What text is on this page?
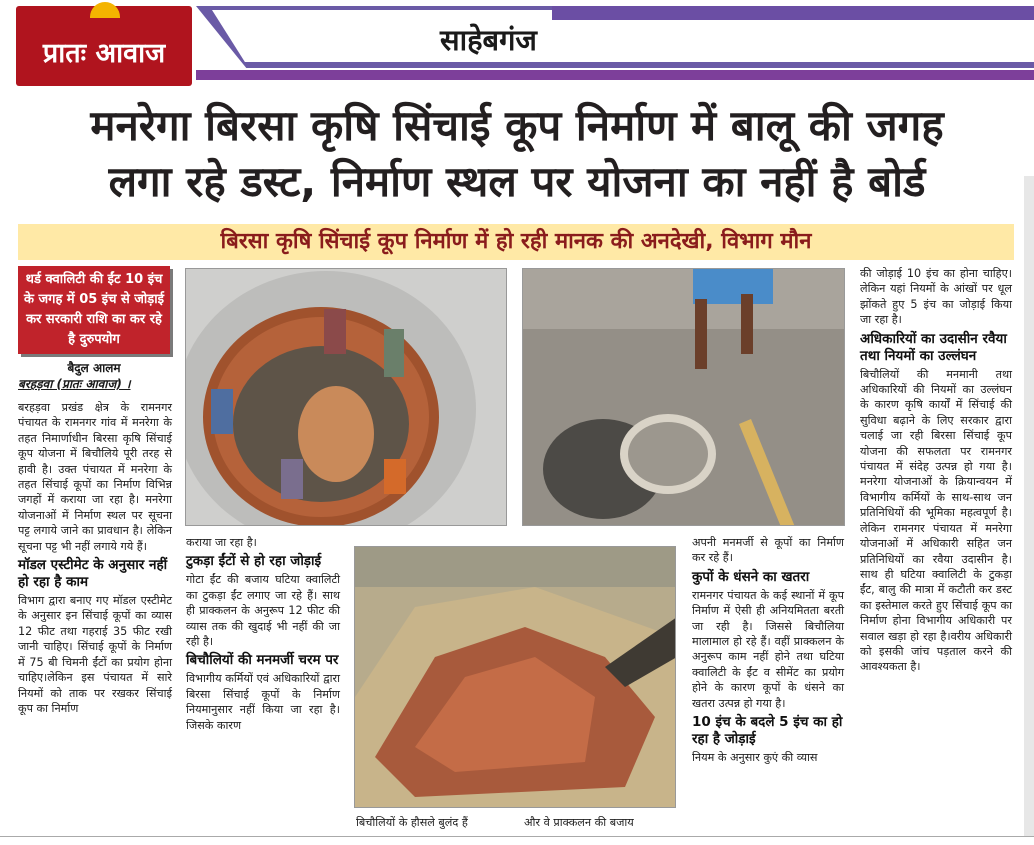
प्रातः आवाज	साहेबगंज
मनरेगा बिरसा कृषि सिंचाई कूप निर्माण में बालू की जगह
लगा रहे डस्ट, निर्माण स्थल पर योजना का नहीं है बोर्ड
बिरसा कृषि सिंचाई कूप निर्माण में हो रही मानक की अनदेखी, विभाग मौन
थर्ड क्वालिटी की ईंट 10 इंच के जगह में 05 इंच से जोड़ाई कर सरकारी राशि का कर रहे है दुरुपयोग
बैदुल आलम
बरहड़वा (प्रातः आवाज) ।

बरहड़वा प्रखंड क्षेत्र के रामनगर पंचायत के रामनगर गांव में मनरेगा के तहत निमार्णाधीन बिरसा कृषि सिंचाई कूप योजना में बिचौलिये पूरी तरह से हावी है। उक्त पंचायत में मनरेगा के तहत सिंचाई कूपों का निर्माण विभिन्न जगहों में कराया जा रहा है। मनरेगा योजनाओं में निर्माण स्थल पर सूचना पट्ट लगाये जाने का प्रावधान है। लेकिन सूचना पट्ट भी नहीं लगाये गये हैं।

मॉडल एस्टीमेट के अनुसार नहीं हो रहा है काम

विभाग द्वारा बनाए गए मॉडल एस्टीमेट के अनुसार इन सिंचाई कूपों का व्यास 12 फीट तथा गहराई 35 फीट रखी जानी चाहिए। सिंचाई कूपों के निर्माण में 75 बी चिमनी ईंटों का प्रयोग होना चाहिए।लेकिन इस पंचायत में सारे नियमों को ताक पर रखकर सिंचाई कूप का निर्माण

कराया जा रहा है।

टुकड़ा ईंटों से हो रहा जोड़ाई

गोटा ईंट की बजाय घटिया क्वालिटी का टुकड़ा ईंट लगाए जा रहे हैं। साथ ही प्राक्कलन के अनुरूप 12 फीट की व्यास तक की खुदाई भी नहीं की जा रही है।

बिचौलियों की मनमर्जी चरम पर

विभागीय कर्मियों एवं अधिकारियों द्वारा बिरसा सिंचाई कूपों के निर्माण नियमानुसार नहीं किया जा रहा है। जिसके कारण

बिचौलियों के हौसले बुलंद हैं	और वे प्राक्कलन की बजाय

अपनी मनमर्जी से कूपों का निर्माण कर रहे हैं।

कुपों के धंसने का खतरा

रामनगर पंचायत के कई स्थानों में कूप निर्माण में ऐसी ही अनियमितता बरती जा रही है। जिससे बिचौलिया मालामाल हो रहे हैं। वहीं प्राक्कलन के अनुरूप काम नहीं होने तथा घटिया क्वालिटी के ईंट व सीमेंट का प्रयोग होने के कारण कूपों के धंसने का खतरा उत्पन्न हो गया है।

10 इंच के बदले 5 इंच का हो रहा है जोड़ाई

नियम के अनुसार कुएं की व्यास

की जोड़ाई 10 इंच का होना चाहिए। लेकिन यहां नियमों के आंखों पर धूल झोंकते हुए 5 इंच का जोड़ाई किया जा रहा है।

अधिकारियों का उदासीन रवैया तथा नियमों का उल्लंघन

बिचौलियों की मनमानी तथा अधिकारियों की नियमों का उल्लंघन के कारण कृषि कार्यों में सिंचाई की सुविधा बढ़ाने के लिए सरकार द्वारा चलाई जा रही बिरसा सिंचाई कूप योजना की सफलता पर रामनगर पंचायत में संदेह उत्पन्न हो गया है।मनरेगा योजनाओं के क्रियान्वयन में विभागीय कर्मियों के साथ-साथ जन प्रतिनिधियों की भूमिका महत्वपूर्ण है। लेकिन रामनगर पंचायत में मनरेगा योजनाओं में अधिकारी सहित जन प्रतिनिधियों का रवैया उदासीन है। साथ ही घटिया क्वालिटी के टुकड़ा ईंट, बालु की मात्रा में कटौती कर डस्ट का इस्तेमाल करते हुए सिंचाई कूप का निर्माण होना विभागीय अधिकारी पर सवाल खड़ा हो रहा है।वरीय अधिकारी को इसकी जांच पड़ताल करने की आवश्यकता है।
